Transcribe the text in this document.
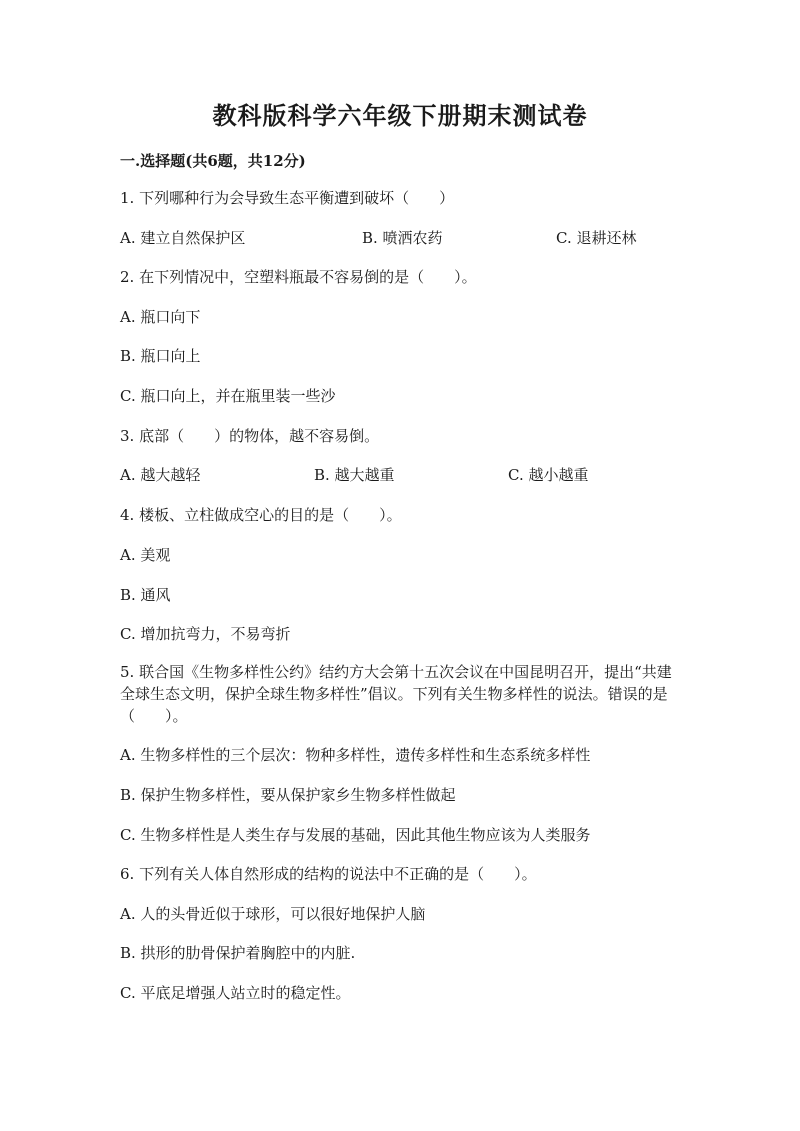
教科版科学六年级下册期末测试卷

一.选择题(共6题，共12分)

1. 下列哪种行为会导致生态平衡遭到破坏（　　）

A. 建立自然保护区	B. 喷洒农药	C. 退耕还林

2. 在下列情况中，空塑料瓶最不容易倒的是（　　）。

A. 瓶口向下

B. 瓶口向上

C. 瓶口向上，并在瓶里装一些沙

3. 底部（　　）的物体，越不容易倒。

A. 越大越轻	B. 越大越重	C. 越小越重

4. 楼板、立柱做成空心的目的是（　　）。

A. 美观

B. 通风

C. 增加抗弯力，不易弯折

5. 联合国《生物多样性公约》结约方大会第十五次会议在中国昆明召开，提出“共建全球生态文明，保护全球生物多样性”倡议。下列有关生物多样性的说法。错误的是（　　）。

A. 生物多样性的三个层次：物种多样性，遗传多样性和生态系统多样性

B. 保护生物多样性，要从保护家乡生物多样性做起

C. 生物多样性是人类生存与发展的基础，因此其他生物应该为人类服务

6. 下列有关人体自然形成的结构的说法中不正确的是（　　）。

A. 人的头骨近似于球形，可以很好地保护人脑

B. 拱形的肋骨保护着胸腔中的内脏.

C. 平底足增强人站立时的稳定性。
